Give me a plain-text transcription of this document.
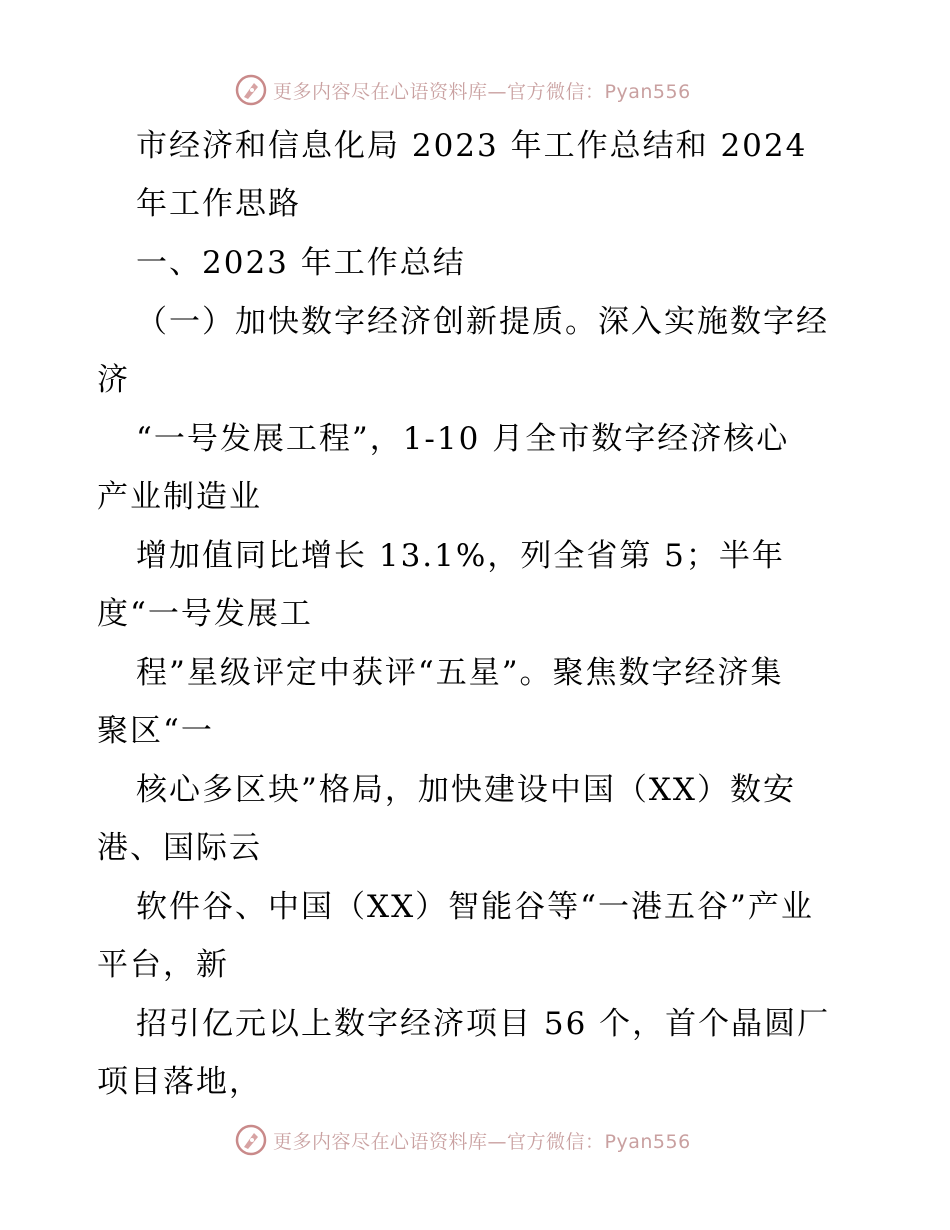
更多内容尽在心语资料库—官方微信：Pyan556
市经济和信息化局 2023 年工作总结和 2024
年工作思路
一、2023 年工作总结
（一）加快数字经济创新提质。深入实施数字经
济
“一号发展工程”，1-10 月全市数字经济核心
产业制造业
增加值同比增长 13.1%，列全省第 5；半年
度“一号发展工
程”星级评定中获评“五星”。聚焦数字经济集
聚区“一
核心多区块”格局，加快建设中国（XX）数安
港、国际云
软件谷、中国（XX）智能谷等“一港五谷”产业
平台，新
招引亿元以上数字经济项目 56 个，首个晶圆厂
项目落地，
更多内容尽在心语资料库—官方微信：Pyan556
